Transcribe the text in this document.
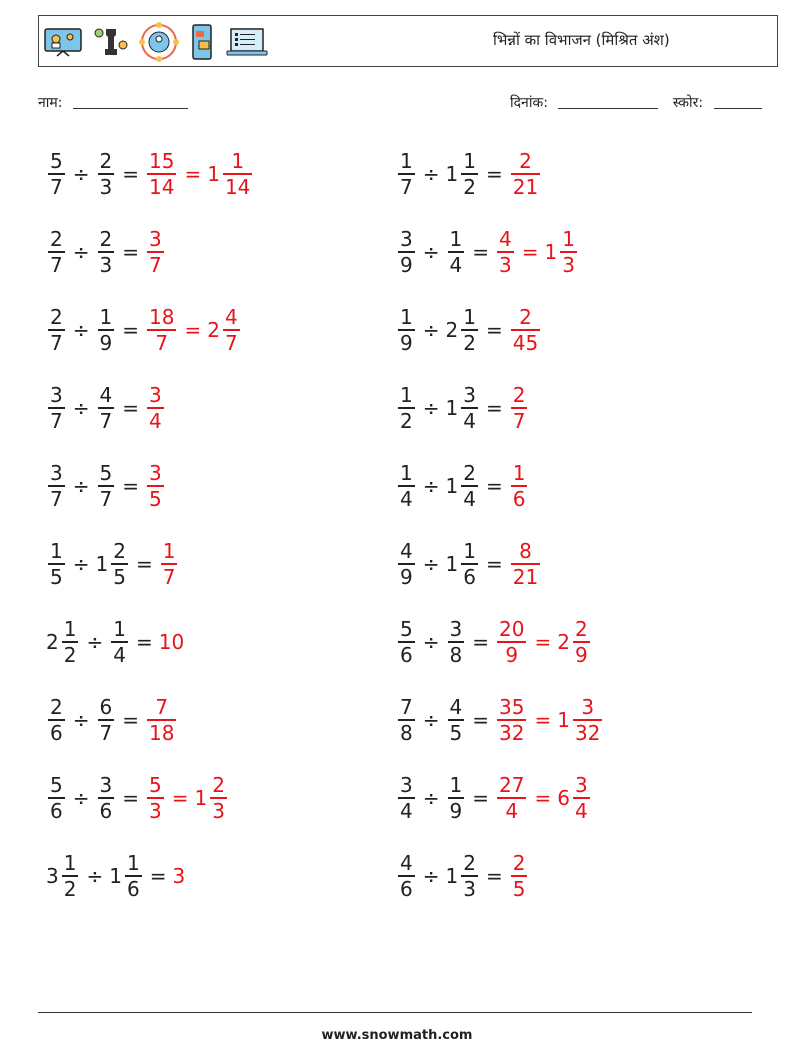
भिन्नों का विभाजन (मिश्रित अंश)
नाम:	दिनांक:	स्कोर:
$\frac{5}{7} \div \frac{2}{3} = \frac{15}{14} = 1 \frac{1}{14}$	$\frac{1}{7} \div 1 \frac{1}{2} = \frac{2}{21}$
$\frac{2}{7} \div \frac{2}{3} = \frac{3}{7}$	$\frac{3}{9} \div \frac{1}{4} = \frac{4}{3} = 1 \frac{1}{3}$
$\frac{2}{7} \div \frac{1}{9} = \frac{18}{7} = 2 \frac{4}{7}$	$\frac{1}{9} \div 2 \frac{1}{2} = \frac{2}{45}$
$\frac{3}{7} \div \frac{4}{7} = \frac{3}{4}$	$\frac{1}{2} \div 1 \frac{3}{4} = \frac{2}{7}$
$\frac{3}{7} \div \frac{5}{7} = \frac{3}{5}$	$\frac{1}{4} \div 1 \frac{2}{4} = \frac{1}{6}$
$\frac{1}{5} \div 1 \frac{2}{5} = \frac{1}{7}$	$\frac{4}{9} \div 1 \frac{1}{6} = \frac{8}{21}$
$2 \frac{1}{2} \div \frac{1}{4} = 10$	$\frac{5}{6} \div \frac{3}{8} = \frac{20}{9} = 2 \frac{2}{9}$
$\frac{2}{6} \div \frac{6}{7} = \frac{7}{18}$	$\frac{7}{8} \div \frac{4}{5} = \frac{35}{32} = 1 \frac{3}{32}$
$\frac{5}{6} \div \frac{3}{6} = \frac{5}{3} = 1 \frac{2}{3}$	$\frac{3}{4} \div \frac{1}{9} = \frac{27}{4} = 6 \frac{3}{4}$
$3 \frac{1}{2} \div 1 \frac{1}{6} = 3$	$\frac{4}{6} \div 1 \frac{2}{3} = \frac{2}{5}$
www.snowmath.com
